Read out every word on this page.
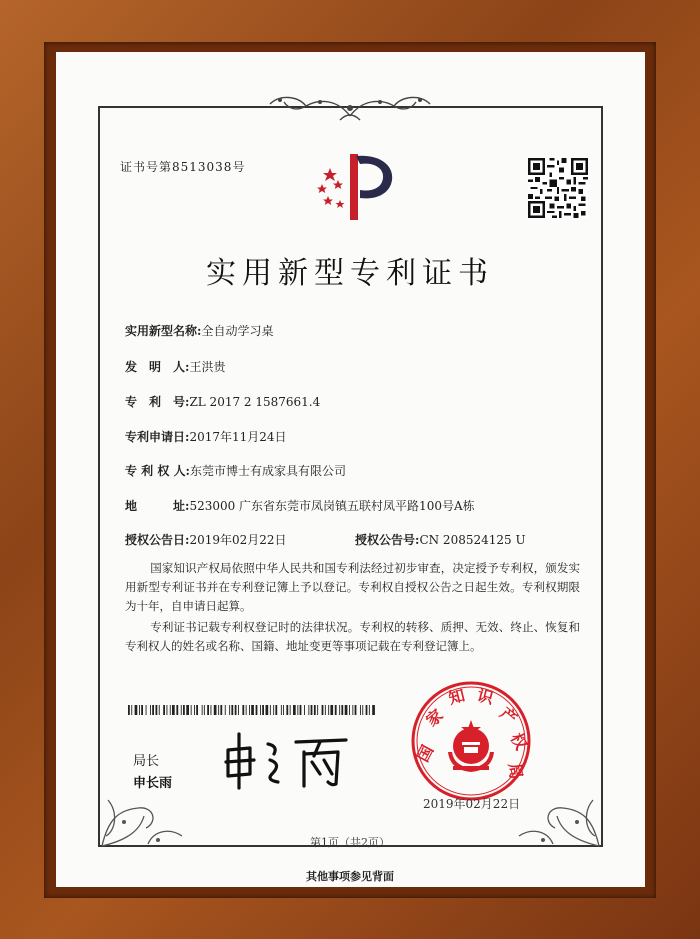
证书号第8513038号
实用新型专利证书
实用新型名称:全自动学习桌
发　明　人:王洪贵
专　利　号:ZL 2017 2 1587661.4
专利申请日:2017年11月24日
专 利 权 人:东莞市博士有成家具有限公司
地　　　址:523000 广东省东莞市凤岗镇五联村凤平路100号A栋
授权公告日:2019年02月22日	授权公告号:CN 208524125 U
国家知识产权局依照中华人民共和国专利法经过初步审查，决定授予专利权，颁发实用新型专利证书并在专利登记簿上予以登记。专利权自授权公告之日起生效。专利权期限为十年，自申请日起算。
专利证书记载专利权登记时的法律状况。专利权的转移、质押、无效、终止、恢复和专利权人的姓名或名称、国籍、地址变更等事项记载在专利登记簿上。
局长
申长雨
国
家
知 识
产
权
局
2019年02月22日
第1页（共2页）
其他事项参见背面
